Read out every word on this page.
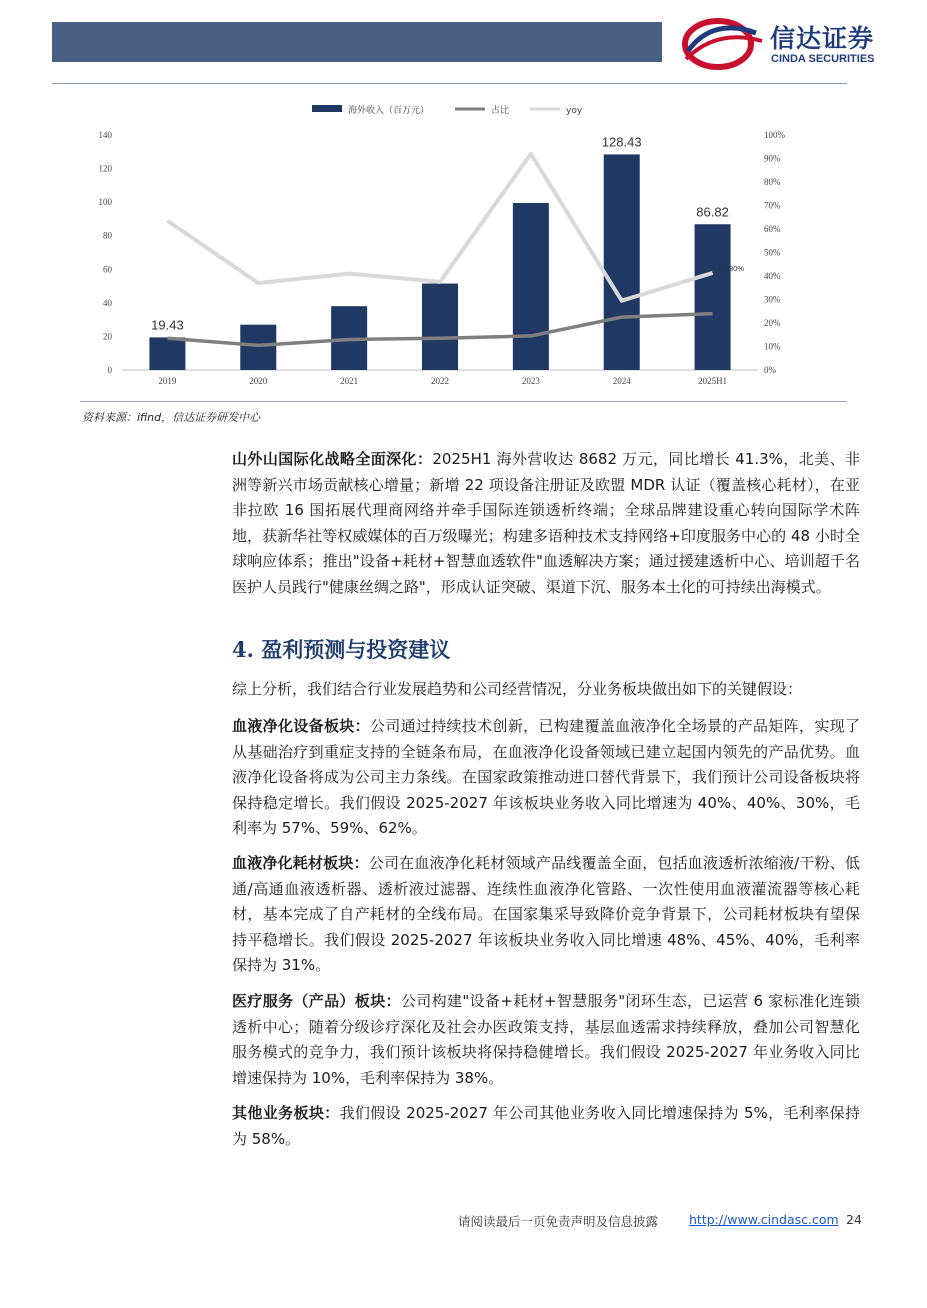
信达证券
CINDA SECURITIES
海外收入（百万元）	占比	yoy
0
20
40
60
80
100
120
140
0%
10%
20%
30%
40%
50%
60%
70%
80%
90%
100%
2019	2020	2021	2022	2023	2024	2025H1
19.43
128.43
86.82
41.30%
资料来源：ifind，信达证券研发中心

山外山国际化战略全面深化：2025H1 海外营收达 8682 万元，同比增长 41.3%，北美、非洲等新兴市场贡献核心增量；新增 22 项设备注册证及欧盟 MDR 认证（覆盖核心耗材），在亚非拉欧 16 国拓展代理商网络并牵手国际连锁透析终端；全球品牌建设重心转向国际学术阵地，获新华社等权威媒体的百万级曝光；构建多语种技术支持网络+印度服务中心的 48 小时全球响应体系；推出"设备+耗材+智慧血透软件"血透解决方案；通过援建透析中心、培训超千名医护人员践行"健康丝绸之路"，形成认证突破、渠道下沉、服务本土化的可持续出海模式。

4. 盈利预测与投资建议

综上分析，我们结合行业发展趋势和公司经营情况，分业务板块做出如下的关键假设：

血液净化设备板块：公司通过持续技术创新，已构建覆盖血液净化全场景的产品矩阵，实现了从基础治疗到重症支持的全链条布局，在血液净化设备领域已建立起国内领先的产品优势。血液净化设备将成为公司主力条线。在国家政策推动进口替代背景下，我们预计公司设备板块将保持稳定增长。我们假设 2025-2027 年该板块业务收入同比增速为 40%、40%、30%，毛利率为 57%、59%、62%。

血液净化耗材板块：公司在血液净化耗材领域产品线覆盖全面，包括血液透析浓缩液/干粉、低通/高通血液透析器、透析液过滤器、连续性血液净化管路、一次性使用血液灌流器等核心耗材，基本完成了自产耗材的全线布局。在国家集采导致降价竞争背景下，公司耗材板块有望保持平稳增长。我们假设 2025-2027 年该板块业务收入同比增速 48%、45%、40%，毛利率保持为 31%。

医疗服务（产品）板块：公司构建"设备+耗材+智慧服务"闭环生态，已运营 6 家标准化连锁透析中心；随着分级诊疗深化及社会办医政策支持，基层血透需求持续释放，叠加公司智慧化服务模式的竞争力，我们预计该板块将保持稳健增长。我们假设 2025-2027 年业务收入同比增速保持为 10%，毛利率保持为 38%。

其他业务板块：我们假设 2025-2027 年公司其他业务收入同比增速保持为 5%，毛利率保持为 58%。

请阅读最后一页免责声明及信息披露 http://www.cindasc.com 24
